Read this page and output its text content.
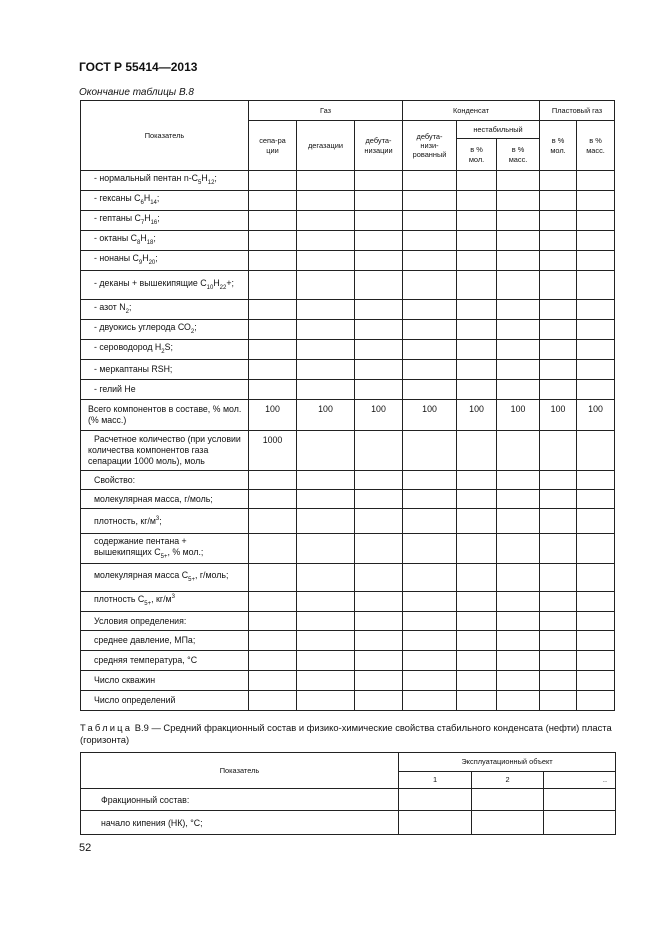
ГОСТ Р 55414—2013
Окончание таблицы В.8
Показатель	Газ			Конденсат			Пластовый газ	
	сепа-рации	дегазации	дебута-низации	дебута-низи-рованный	нестабильный		в % мол.	в % масс.
					в % мол.	в % масс.		
- нормальный пентан $n-С_5Н_{12}$;								
- гексаны $С_6Н_{14}$;								
- гептаны $С_7Н_{16}$;								
- октаны $С_8Н_{18}$;								
- нонаны $С_9Н_{20}$;								
- деканы + вышекипящие $С_{10}Н_{22}+$;								
- азот $N_2$;								
- двуокись углерода $СО_2$;								
- сероводород $Н_2S$;								
- меркаптаны RSH;								
- гелий Не								
Всего компонентов в составе, % мол. (% масс.)	100	100	100	100	100	100	100	100
Расчетное количество (при условии количества компонентов газа сепарации 1000 моль), моль	1000							
Свойство:								
молекулярная масса, г/моль;								
плотность, $кг/м^3$;								
содержание пентана + вышекипящих $С_{5+}$, % мол.;								
молекулярная масса $С_{5+}$, г/моль;								
плотность $С_{5+}$, $кг/м^3$								
Условия определения:								
среднее давление, МПа;								
средняя температура, °С								
Число скважин								
Число определений								
Таблица В.9 — Средний фракционный состав и физико-химические свойства стабильного конденсата (нефти) пласта (горизонта)
Показатель	Эксплуатационный объект		
	1	2	..
Фракционный состав:			
начало кипения (НК), °С;			
52
